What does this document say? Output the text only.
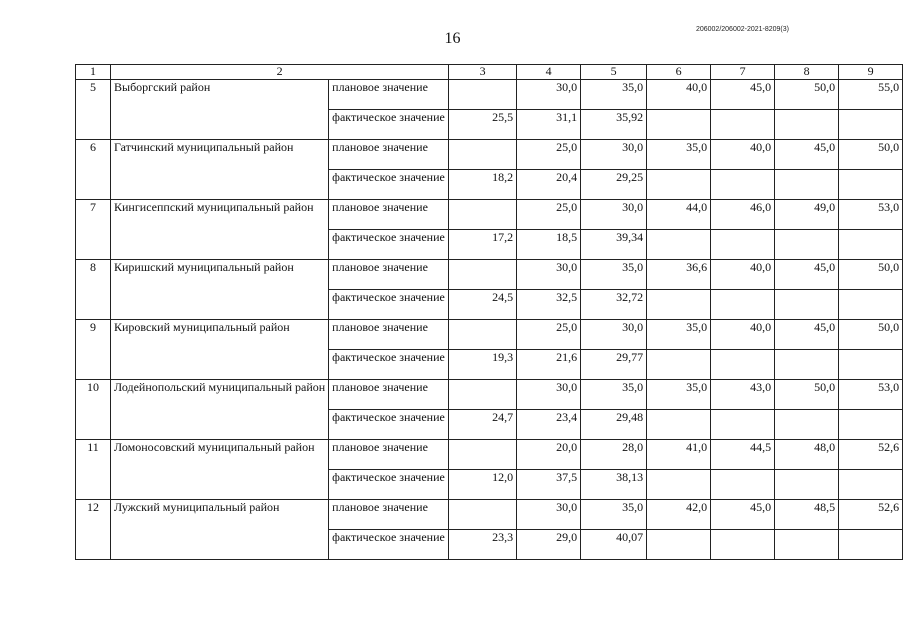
16
206002/206002-2021-8209(3)
1	2		3	4	5	6	7	8	9
5	Выборгский район	плановое значение		30,0	35,0	40,0	45,0	50,0	55,0
		фактическое значение	25,5	31,1	35,92				
6	Гатчинский муниципальный район	плановое значение		25,0	30,0	35,0	40,0	45,0	50,0
		фактическое значение	18,2	20,4	29,25				
7	Кингисеппский муниципальный район	плановое значение		25,0	30,0	44,0	46,0	49,0	53,0
		фактическое значение	17,2	18,5	39,34				
8	Киришский муниципальный район	плановое значение		30,0	35,0	36,6	40,0	45,0	50,0
		фактическое значение	24,5	32,5	32,72				
9	Кировский муниципальный район	плановое значение		25,0	30,0	35,0	40,0	45,0	50,0
		фактическое значение	19,3	21,6	29,77				
10	Лодейнопольский муниципальный район	плановое значение		30,0	35,0	35,0	43,0	50,0	53,0
		фактическое значение	24,7	23,4	29,48				
11	Ломоносовский муниципальный район	плановое значение		20,0	28,0	41,0	44,5	48,0	52,6
		фактическое значение	12,0	37,5	38,13				
12	Лужский муниципальный район	плановое значение		30,0	35,0	42,0	45,0	48,5	52,6
		фактическое значение	23,3	29,0	40,07				
